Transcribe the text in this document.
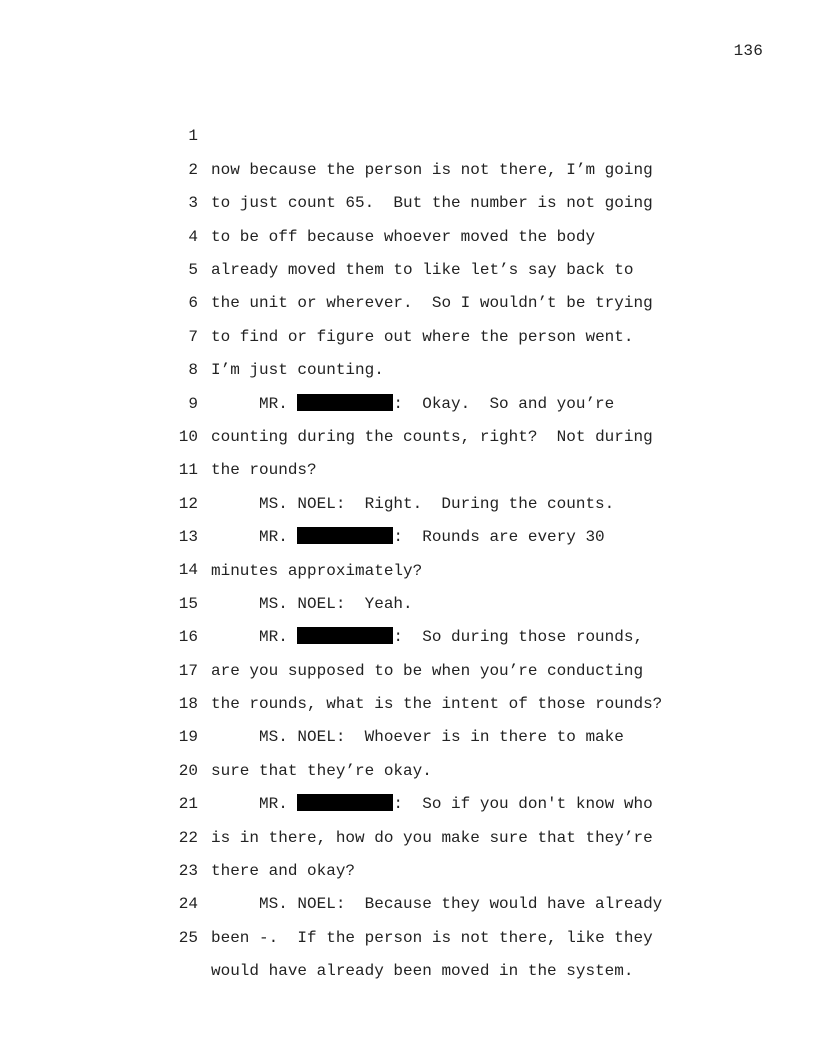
136

1

now because the person is not there, I’m going

2

to just count 65.  But the number is not going

3

to be off because whoever moved the body

4

already moved them to like let’s say back to

5

the unit or wherever.  So I wouldn’t be trying

6

to find or figure out where the person went.

7

I’m just counting.

8

MR.	:  Okay.  So and you’re

9

counting during the counts, right?  Not during

10

the rounds?

11

MS. NOEL:  Right.  During the counts.

12

MR.	:  Rounds are every 30

13

minutes approximately?

14

MS. NOEL:  Yeah.

15

MR.	:  So during those rounds,

16

are you supposed to be when you’re conducting

17

the rounds, what is the intent of those rounds?

18

MS. NOEL:  Whoever is in there to make

19

sure that they’re okay.

20

MR.	:  So if you don't know who

21

is in there, how do you make sure that they’re

22

there and okay?

23

MS. NOEL:  Because they would have already

24

been -.  If the person is not there, like they

25

would have already been moved in the system.
